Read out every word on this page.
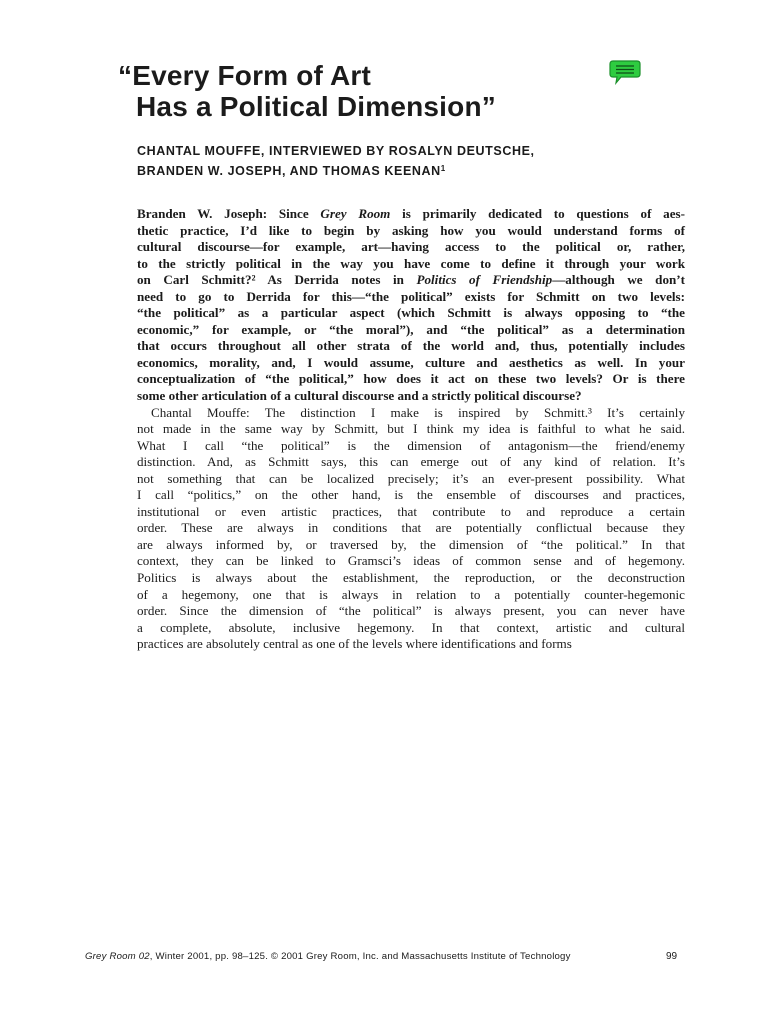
“Every Form of Art
Has a Political Dimension”
CHANTAL MOUFFE, INTERVIEWED BY ROSALYN DEUTSCHE,
BRANDEN W. JOSEPH, AND THOMAS KEENAN$^1$
Branden W. Joseph: Since Grey Room is primarily dedicated to questions of aes-
thetic practice, I’d like to begin by asking how you would understand forms of
cultural discourse—for example, art—having access to the political or, rather,
to the strictly political in the way you have come to define it through your work
on Carl Schmitt?² As Derrida notes in Politics of Friendship—although we don’t
need to go to Derrida for this—“the political” exists for Schmitt on two levels:
“the political” as a particular aspect (which Schmitt is always opposing to “the
economic,” for example, or “the moral”), and “the political” as a determination
that occurs throughout all other strata of the world and, thus, potentially includes
economics, morality, and, I would assume, culture and aesthetics as well. In your
conceptualization of “the political,” how does it act on these two levels? Or is there
some other articulation of a cultural discourse and a strictly political discourse?
Chantal Mouffe: The distinction I make is inspired by Schmitt.³ It’s certainly
not made in the same way by Schmitt, but I think my idea is faithful to what he said.
What I call “the political” is the dimension of antagonism—the friend/enemy
distinction. And, as Schmitt says, this can emerge out of any kind of relation. It’s
not something that can be localized precisely; it’s an ever-present possibility. What
I call “politics,” on the other hand, is the ensemble of discourses and practices,
institutional or even artistic practices, that contribute to and reproduce a certain
order. These are always in conditions that are potentially conflictual because they
are always informed by, or traversed by, the dimension of “the political.” In that
context, they can be linked to Gramsci’s ideas of common sense and of hegemony.
Politics is always about the establishment, the reproduction, or the deconstruction
of a hegemony, one that is always in relation to a potentially counter-hegemonic
order. Since the dimension of “the political” is always present, you can never have
a complete, absolute, inclusive hegemony. In that context, artistic and cultural
practices are absolutely central as one of the levels where identifications and forms
Grey Room 02, Winter 2001, pp. 98–125. © 2001 Grey Room, Inc. and Massachusetts Institute of Technology	99
